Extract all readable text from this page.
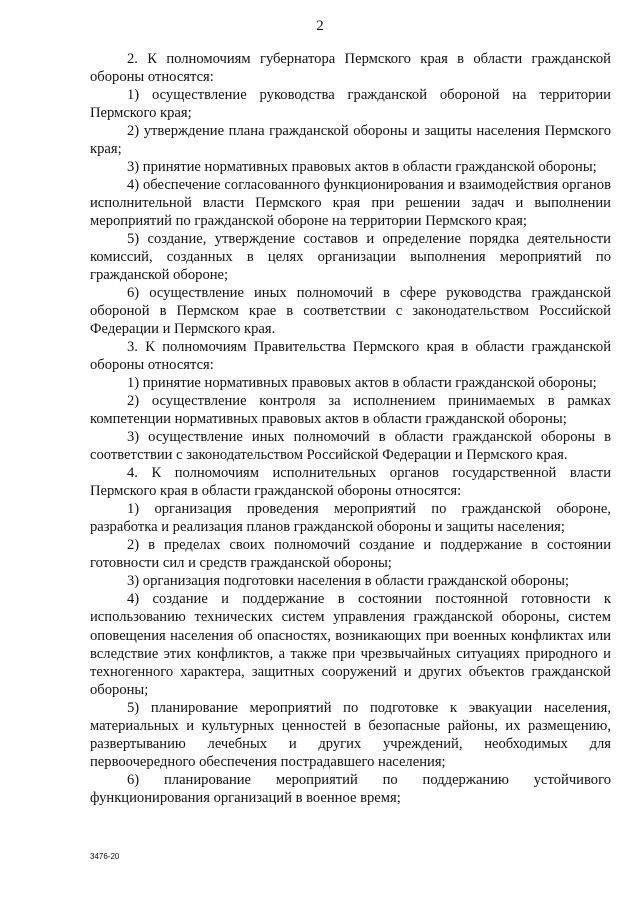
2

2. К полномочиям губернатора Пермского края в области гражданской обороны относятся:

1) осуществление руководства гражданской обороной на территории Пермского края;

2) утверждение плана гражданской обороны и защиты населения Пермского края;

3) принятие нормативных правовых актов в области гражданской обороны;

4) обеспечение согласованного функционирования и взаимодействия органов исполнительной власти Пермского края при решении задач и выполнении мероприятий по гражданской обороне на территории Пермского края;

5) создание, утверждение составов и определение порядка деятельности комиссий, созданных в целях организации выполнения мероприятий по гражданской обороне;

6) осуществление иных полномочий в сфере руководства гражданской обороной в Пермском крае в соответствии с законодательством Российской Федерации и Пермского края.

3. К полномочиям Правительства Пермского края в области гражданской обороны относятся:

1) принятие нормативных правовых актов в области гражданской обороны;

2) осуществление контроля за исполнением принимаемых в рамках компетенции нормативных правовых актов в области гражданской обороны;

3) осуществление иных полномочий в области гражданской обороны в соответствии с законодательством Российской Федерации и Пермского края.

4. К полномочиям исполнительных органов государственной власти Пермского края в области гражданской обороны относятся:

1) организация проведения мероприятий по гражданской обороне, разработка и реализация планов гражданской обороны и защиты населения;

2) в пределах своих полномочий создание и поддержание в состоянии готовности сил и средств гражданской обороны;

3) организация подготовки населения в области гражданской обороны;

4) создание и поддержание в состоянии постоянной готовности к использованию технических систем управления гражданской обороны, систем оповещения населения об опасностях, возникающих при военных конфликтах или вследствие этих конфликтов, а также при чрезвычайных ситуациях природного и техногенного характера, защитных сооружений и других объектов гражданской обороны;

5) планирование мероприятий по подготовке к эвакуации населения, материальных и культурных ценностей в безопасные районы, их размещению, развертыванию лечебных и других учреждений, необходимых для первоочередного обеспечения пострадавшего населения;

6) планирование мероприятий по поддержанию устойчивого функционирования организаций в военное время;

3476-20
